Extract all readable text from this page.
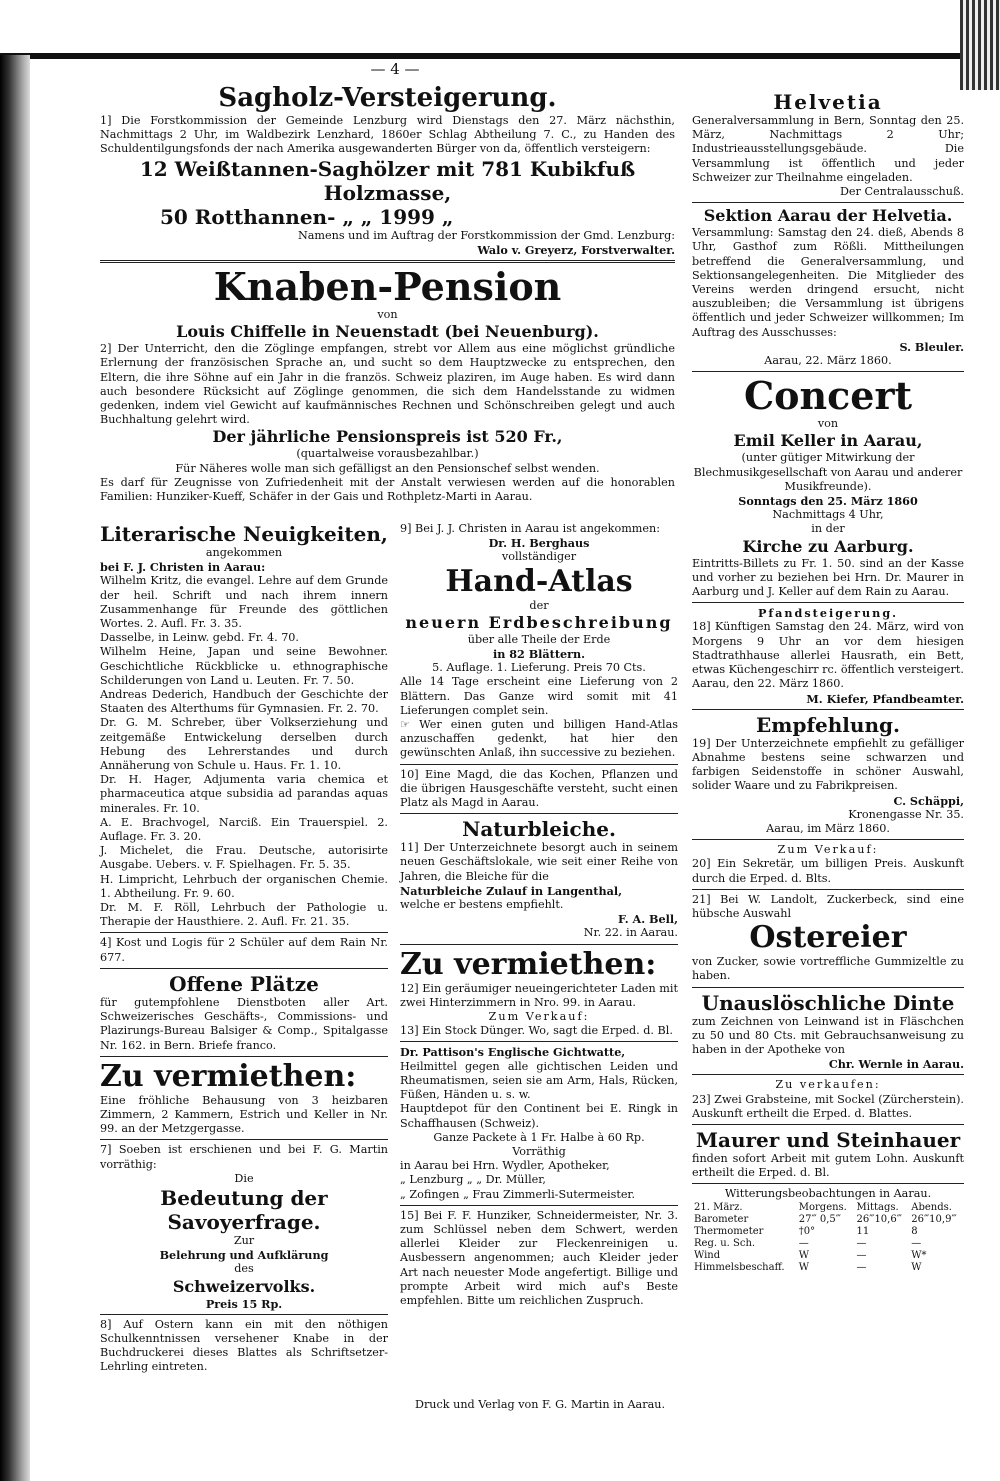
— 4 —

Sagholz-Versteigerung.

1] Die Forstkommission der Gemeinde Lenzburg wird Dienstags den 27. März nächsthin, Nachmittags 2 Uhr, im Waldbezirk Lenzhard, 1860er Schlag Abtheilung 7. C., zu Handen des Schuldentilgungsfonds der nach Amerika ausgewanderten Bürger von da, öffentlich versteigern:

12 Weißtannen-Saghölzer mit 781 Kubikfuß Holzmasse,

50 Rotthannen- „ „ 1999 „

Namens und im Auftrag der Forstkommission der Gmd. Lenzburg:

Walo v. Greyerz, Forstverwalter.

Knaben-Pension

von

Louis Chiffelle in Neuenstadt (bei Neuenburg).

2] Der Unterricht, den die Zöglinge empfangen, strebt vor Allem aus eine möglichst gründliche Erlernung der französischen Sprache an, und sucht so dem Hauptzwecke zu entsprechen, den Eltern, die ihre Söhne auf ein Jahr in die französ. Schweiz plaziren, im Auge haben. Es wird dann auch besondere Rücksicht auf Zöglinge genommen, die sich dem Handelsstande zu widmen gedenken, indem viel Gewicht auf kaufmännisches Rechnen und Schönschreiben gelegt und auch Buchhaltung gelehrt wird.

Der jährliche Pensionspreis ist 520 Fr.,

(quartalweise vorausbezahlbar.)

Für Näheres wolle man sich gefälligst an den Pensionschef selbst wenden.

Es darf für Zeugnisse von Zufriedenheit mit der Anstalt verwiesen werden auf die honorablen Familien: Hunziker-Kueff, Schäfer in der Gais und Rothpletz-Marti in Aarau.

Literarische Neuigkeiten,

angekommen

bei F. J. Christen in Aarau:

Wilhelm Kritz, die evangel. Lehre auf dem Grunde der heil. Schrift und nach ihrem innern Zusammenhange für Freunde des göttlichen Wortes. 2. Aufl. Fr. 3. 35.

Dasselbe, in Leinw. gebd. Fr. 4. 70.

Wilhelm Heine, Japan und seine Bewohner. Geschichtliche Rückblicke u. ethnographische Schilderungen von Land u. Leuten. Fr. 7. 50.

Andreas Dederich, Handbuch der Geschichte der Staaten des Alterthums für Gymnasien. Fr. 2. 70.

Dr. G. M. Schreber, über Volkserziehung und zeitgemäße Entwickelung derselben durch Hebung des Lehrerstandes und durch Annäherung von Schule u. Haus. Fr. 1. 10.

Dr. H. Hager, Adjumenta varia chemica et pharmaceutica atque subsidia ad parandas aquas minerales. Fr. 10.

A. E. Brachvogel, Narciß. Ein Trauerspiel. 2. Auflage. Fr. 3. 20.

J. Michelet, die Frau. Deutsche, autorisirte Ausgabe. Uebers. v. F. Spielhagen. Fr. 5. 35.

H. Limpricht, Lehrbuch der organischen Chemie. 1. Abtheilung. Fr. 9. 60.

Dr. M. F. Röll, Lehrbuch der Pathologie u. Therapie der Hausthiere. 2. Aufl. Fr. 21. 35.

4] Kost und Logis für 2 Schüler auf dem Rain Nr. 677.

Offene Plätze

für gutempfohlene Dienstboten aller Art. Schweizerisches Geschäfts-, Commissions- und Plazirungs-Bureau Balsiger & Comp., Spitalgasse Nr. 162. in Bern. Briefe franco.

Zu vermiethen:

Eine fröhliche Behausung von 3 heizbaren Zimmern, 2 Kammern, Estrich und Keller in Nr. 99. an der Metzgergasse.

7] Soeben ist erschienen und bei F. G. Martin vorräthig:

Die

Bedeutung der Savoyerfrage.

Zur

Belehrung und Aufklärung

des

Schweizervolks.

Preis 15 Rp.

8] Auf Ostern kann ein mit den nöthigen Schulkenntnissen versehener Knabe in der Buchdruckerei dieses Blattes als Schriftsetzer-Lehrling eintreten.

9] Bei J. J. Christen in Aarau ist angekommen:

Dr. H. Berghaus

vollständiger

Hand-Atlas

der

neuern Erdbeschreibung

über alle Theile der Erde

in 82 Blättern.

5. Auflage. 1. Lieferung. Preis 70 Cts.

Alle 14 Tage erscheint eine Lieferung von 2 Blättern. Das Ganze wird somit mit 41 Lieferungen complet sein.

☞ Wer einen guten und billigen Hand-Atlas anzuschaffen gedenkt, hat hier den gewünschten Anlaß, ihn successive zu beziehen.

10] Eine Magd, die das Kochen, Pflanzen und die übrigen Hausgeschäfte versteht, sucht einen Platz als Magd in Aarau.

Naturbleiche.

11] Der Unterzeichnete besorgt auch in seinem neuen Geschäftslokale, wie seit einer Reihe von Jahren, die Bleiche für die

Naturbleiche Zulauf in Langenthal,

welche er bestens empfiehlt.

F. A. Bell,

Nr. 22. in Aarau.

Zu vermiethen:

12] Ein geräumiger neueingerichteter Laden mit zwei Hinterzimmern in Nro. 99. in Aarau.

Zum Verkauf:

13] Ein Stock Dünger. Wo, sagt die Erped. d. Bl.

Dr. Pattison's Englische Gichtwatte,

Heilmittel gegen alle gichtischen Leiden und Rheumatismen, seien sie am Arm, Hals, Rücken, Füßen, Händen u. s. w.

Hauptdepot für den Continent bei E. Ringk in Schaffhausen (Schweiz).

Ganze Packete à 1 Fr. Halbe à 60 Rp.

Vorräthig

in Aarau bei Hrn. Wydler, Apotheker,

„ Lenzburg „ „ Dr. Müller,

„ Zofingen „ Frau Zimmerli-Sutermeister.

15] Bei F. F. Hunziker, Schneidermeister, Nr. 3. zum Schlüssel neben dem Schwert, werden allerlei Kleider zur Fleckenreinigen u. Ausbessern angenommen; auch Kleider jeder Art nach neuester Mode angefertigt. Billige und prompte Arbeit wird mich auf's Beste empfehlen. Bitte um reichlichen Zuspruch.

Helvetia

Generalversammlung in Bern, Sonntag den 25. März, Nachmittags 2 Uhr; Industrieausstellungsgebäude. Die Versammlung ist öffentlich und jeder Schweizer zur Theilnahme eingeladen.

Der Centralausschuß.

Sektion Aarau der Helvetia.

Versammlung: Samstag den 24. dieß, Abends 8 Uhr, Gasthof zum Rößli. Mittheilungen betreffend die Generalversammlung, und Sektionsangelegenheiten. Die Mitglieder des Vereins werden dringend ersucht, nicht auszubleiben; die Versammlung ist übrigens öffentlich und jeder Schweizer willkommen; Im Auftrag des Ausschusses:

S. Bleuler.

Aarau, 22. März 1860.

Concert

von

Emil Keller in Aarau,

(unter gütiger Mitwirkung der Blechmusikgesellschaft von Aarau und anderer Musikfreunde).

Sonntags den 25. März 1860

Nachmittags 4 Uhr,

in der

Kirche zu Aarburg.

Eintritts-Billets zu Fr. 1. 50. sind an der Kasse und vorher zu beziehen bei Hrn. Dr. Maurer in Aarburg und J. Keller auf dem Rain zu Aarau.

Pfandsteigerung.

18] Künftigen Samstag den 24. März, wird von Morgens 9 Uhr an vor dem hiesigen Stadtrathhause allerlei Hausrath, ein Bett, etwas Küchengeschirr rc. öffentlich versteigert.

Aarau, den 22. März 1860.

M. Kiefer, Pfandbeamter.

Empfehlung.

19] Der Unterzeichnete empfiehlt zu gefälliger Abnahme bestens seine schwarzen und farbigen Seidenstoffe in schöner Auswahl, solider Waare und zu Fabrikpreisen.

C. Schäppi,

Kronengasse Nr. 35.

Aarau, im März 1860.

Zum Verkauf:

20] Ein Sekretär, um billigen Preis. Auskunft durch die Erped. d. Blts.

21] Bei W. Landolt, Zuckerbeck, sind eine hübsche Auswahl

Ostereier

von Zucker, sowie vortreffliche Gummizeltle zu haben.

Unauslöschliche Dinte

zum Zeichnen von Leinwand ist in Fläschchen zu 50 und 80 Cts. mit Gebrauchsanweisung zu haben in der Apotheke von

Chr. Wernle in Aarau.

Zu verkaufen:

23] Zwei Grabsteine, mit Sockel (Zürcherstein). Auskunft ertheilt die Erped. d. Blattes.

Maurer und Steinhauer

finden sofort Arbeit mit gutem Lohn. Auskunft ertheilt die Erped. d. Bl.

Witterungsbeobachtungen in Aarau.

21. März.	Morgens.	Mittags.	Abends.
Barometer	27‴ 0,5‴	26‴10,6‴	26‴10,9‴
Thermometer	†0°	11	8
Reg. u. Sch.	—	—	—
Wind	W	—	W*
Himmelsbeschaff.	W	—	W
Druck und Verlag von F. G. Martin in Aarau.
